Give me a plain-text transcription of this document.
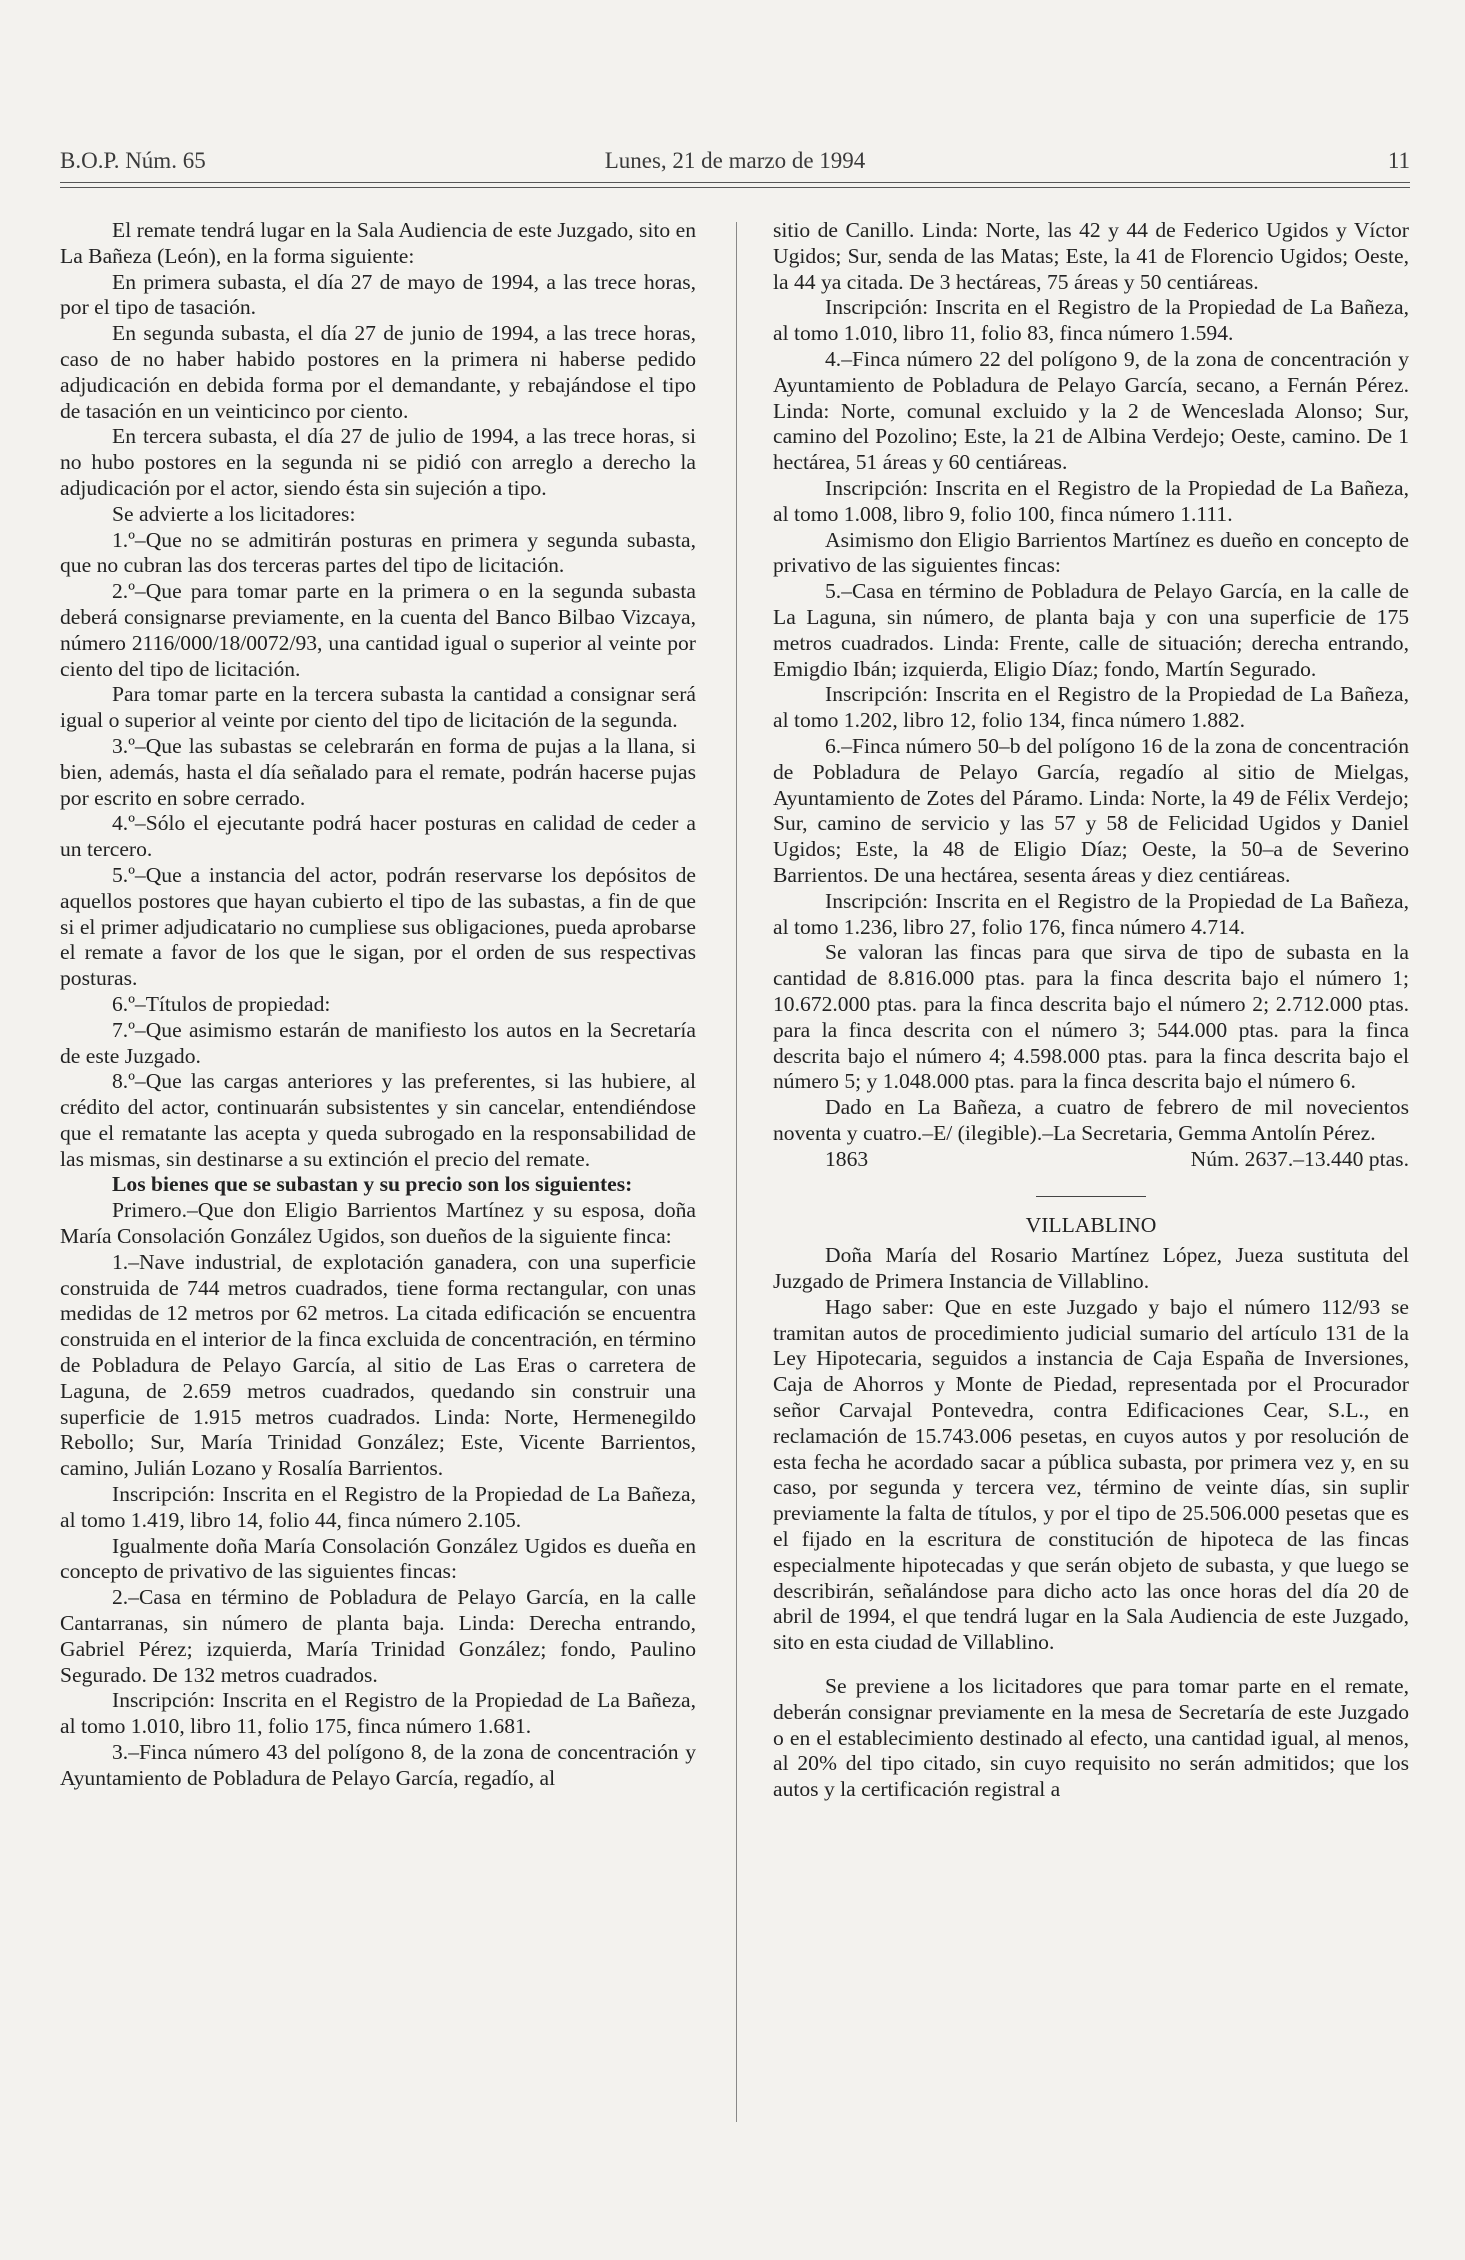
B.O.P. Núm. 65	Lunes, 21 de marzo de 1994	11

El remate tendrá lugar en la Sala Audiencia de este Juzgado, sito en La Bañeza (León), en la forma siguiente:

En primera subasta, el día 27 de mayo de 1994, a las trece horas, por el tipo de tasación.

En segunda subasta, el día 27 de junio de 1994, a las trece horas, caso de no haber habido postores en la primera ni haberse pedido adjudicación en debida forma por el demandante, y rebajándose el tipo de tasación en un veinticinco por ciento.

En tercera subasta, el día 27 de julio de 1994, a las trece horas, si no hubo postores en la segunda ni se pidió con arreglo a derecho la adjudicación por el actor, siendo ésta sin sujeción a tipo.

Se advierte a los licitadores:

1.º–Que no se admitirán posturas en primera y segunda subasta, que no cubran las dos terceras partes del tipo de licitación.

2.º–Que para tomar parte en la primera o en la segunda subasta deberá consignarse previamente, en la cuenta del Banco Bilbao Vizcaya, número 2116/000/18/0072/93, una cantidad igual o superior al veinte por ciento del tipo de licitación.

Para tomar parte en la tercera subasta la cantidad a consignar será igual o superior al veinte por ciento del tipo de licitación de la segunda.

3.º–Que las subastas se celebrarán en forma de pujas a la llana, si bien, además, hasta el día señalado para el remate, podrán hacerse pujas por escrito en sobre cerrado.

4.º–Sólo el ejecutante podrá hacer posturas en calidad de ceder a un tercero.

5.º–Que a instancia del actor, podrán reservarse los depósitos de aquellos postores que hayan cubierto el tipo de las subastas, a fin de que si el primer adjudicatario no cumpliese sus obligaciones, pueda aprobarse el remate a favor de los que le sigan, por el orden de sus respectivas posturas.

6.º–Títulos de propiedad:

7.º–Que asimismo estarán de manifiesto los autos en la Secretaría de este Juzgado.

8.º–Que las cargas anteriores y las preferentes, si las hubiere, al crédito del actor, continuarán subsistentes y sin cancelar, entendiéndose que el rematante las acepta y queda subrogado en la responsabilidad de las mismas, sin destinarse a su extinción el precio del remate.

Los bienes que se subastan y su precio son los siguientes:

Primero.–Que don Eligio Barrientos Martínez y su esposa, doña María Consolación González Ugidos, son dueños de la siguiente finca:

1.–Nave industrial, de explotación ganadera, con una superficie construida de 744 metros cuadrados, tiene forma rectangular, con unas medidas de 12 metros por 62 metros. La citada edificación se encuentra construida en el interior de la finca excluida de concentración, en término de Pobladura de Pelayo García, al sitio de Las Eras o carretera de Laguna, de 2.659 metros cuadrados, quedando sin construir una superficie de 1.915 metros cuadrados. Linda: Norte, Hermenegildo Rebollo; Sur, María Trinidad González; Este, Vicente Barrientos, camino, Julián Lozano y Rosalía Barrientos.

Inscripción: Inscrita en el Registro de la Propiedad de La Bañeza, al tomo 1.419, libro 14, folio 44, finca número 2.105.

Igualmente doña María Consolación González Ugidos es dueña en concepto de privativo de las siguientes fincas:

2.–Casa en término de Pobladura de Pelayo García, en la calle Cantarranas, sin número de planta baja. Linda: Derecha entrando, Gabriel Pérez; izquierda, María Trinidad González; fondo, Paulino Segurado. De 132 metros cuadrados.

Inscripción: Inscrita en el Registro de la Propiedad de La Bañeza, al tomo 1.010, libro 11, folio 175, finca número 1.681.

3.–Finca número 43 del polígono 8, de la zona de concentración y Ayuntamiento de Pobladura de Pelayo García, regadío, al

sitio de Canillo. Linda: Norte, las 42 y 44 de Federico Ugidos y Víctor Ugidos; Sur, senda de las Matas; Este, la 41 de Florencio Ugidos; Oeste, la 44 ya citada. De 3 hectáreas, 75 áreas y 50 centiáreas.

Inscripción: Inscrita en el Registro de la Propiedad de La Bañeza, al tomo 1.010, libro 11, folio 83, finca número 1.594.

4.–Finca número 22 del polígono 9, de la zona de concentración y Ayuntamiento de Pobladura de Pelayo García, secano, a Fernán Pérez. Linda: Norte, comunal excluido y la 2 de Wenceslada Alonso; Sur, camino del Pozolino; Este, la 21 de Albina Verdejo; Oeste, camino. De 1 hectárea, 51 áreas y 60 centiáreas.

Inscripción: Inscrita en el Registro de la Propiedad de La Bañeza, al tomo 1.008, libro 9, folio 100, finca número 1.111.

Asimismo don Eligio Barrientos Martínez es dueño en concepto de privativo de las siguientes fincas:

5.–Casa en término de Pobladura de Pelayo García, en la calle de La Laguna, sin número, de planta baja y con una superficie de 175 metros cuadrados. Linda: Frente, calle de situación; derecha entrando, Emigdio Ibán; izquierda, Eligio Díaz; fondo, Martín Segurado.

Inscripción: Inscrita en el Registro de la Propiedad de La Bañeza, al tomo 1.202, libro 12, folio 134, finca número 1.882.

6.–Finca número 50–b del polígono 16 de la zona de concentración de Pobladura de Pelayo García, regadío al sitio de Mielgas, Ayuntamiento de Zotes del Páramo. Linda: Norte, la 49 de Félix Verdejo; Sur, camino de servicio y las 57 y 58 de Felicidad Ugidos y Daniel Ugidos; Este, la 48 de Eligio Díaz; Oeste, la 50–a de Severino Barrientos. De una hectárea, sesenta áreas y diez centiáreas.

Inscripción: Inscrita en el Registro de la Propiedad de La Bañeza, al tomo 1.236, libro 27, folio 176, finca número 4.714.

Se valoran las fincas para que sirva de tipo de subasta en la cantidad de 8.816.000 ptas. para la finca descrita bajo el número 1; 10.672.000 ptas. para la finca descrita bajo el número 2; 2.712.000 ptas. para la finca descrita con el número 3; 544.000 ptas. para la finca descrita bajo el número 4; 4.598.000 ptas. para la finca descrita bajo el número 5; y 1.048.000 ptas. para la finca descrita bajo el número 6.

Dado en La Bañeza, a cuatro de febrero de mil novecientos noventa y cuatro.–E/ (ilegible).–La Secretaria, Gemma Antolín Pérez.

1863	Núm. 2637.–13.440 ptas.

VILLABLINO

Doña María del Rosario Martínez López, Jueza sustituta del Juzgado de Primera Instancia de Villablino.

Hago saber: Que en este Juzgado y bajo el número 112/93 se tramitan autos de procedimiento judicial sumario del artículo 131 de la Ley Hipotecaria, seguidos a instancia de Caja España de Inversiones, Caja de Ahorros y Monte de Piedad, representada por el Procurador señor Carvajal Pontevedra, contra Edificaciones Cear, S.L., en reclamación de 15.743.006 pesetas, en cuyos autos y por resolución de esta fecha he acordado sacar a pública subasta, por primera vez y, en su caso, por segunda y tercera vez, término de veinte días, sin suplir previamente la falta de títulos, y por el tipo de 25.506.000 pesetas que es el fijado en la escritura de constitución de hipoteca de las fincas especialmente hipotecadas y que serán objeto de subasta, y que luego se describirán, señalándose para dicho acto las once horas del día 20 de abril de 1994, el que tendrá lugar en la Sala Audiencia de este Juzgado, sito en esta ciudad de Villablino.

Se previene a los licitadores que para tomar parte en el remate, deberán consignar previamente en la mesa de Secretaría de este Juzgado o en el establecimiento destinado al efecto, una cantidad igual, al menos, al 20% del tipo citado, sin cuyo requisito no serán admitidos; que los autos y la certificación registral a
